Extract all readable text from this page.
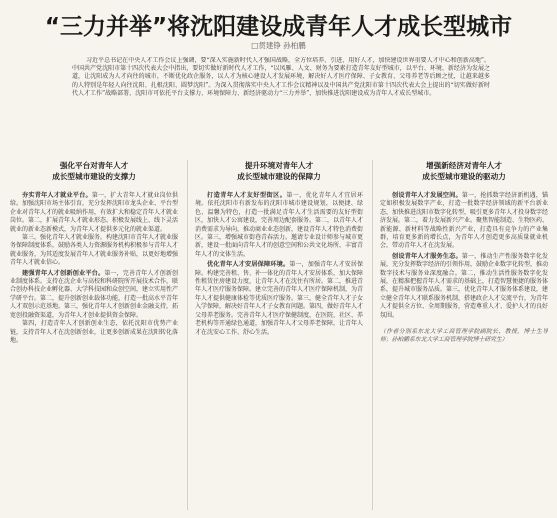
“三力并举”将沈阳建设成青年人才成长型城市
□贯建铮 孙柏鹏
习近平总书记在中央人才工作会议上强调，要“深入实施新时代人才强国战略，全方位培养、引进、用好人才，加快建设世界重要人才中心和创新高地”。中国共产党沈阳市第十四次代表大会中指出，要切实做好新时代人才工作，“以凤雁、人文、财务为要素打造青年友好型城市，以平台、环境、新经济为发展之道，让沈阳成为人才向往的城市，不断优化政企服务，以人才为核心建设人才发展环境，解决好人才医疗保障、子女教育、父母养老等后顾之忧，让越来越多的人特别是年轻人向往沈阳、扎根沈阳、圆梦沈阳”。为深入贯彻落实中央人才工作会议精神以及中国共产党沈阳市第十四次代表大会上提出的“切实做好新时代人才工作”战略部署，沈阳市可依托平台支撑力、环境保障力、新经济驱动力“三力并举”，加快推进沈阳建设成为青年人才成长型城市。
强化平台对青年人才
成长型城市建设的支撑力

夯实青年人才就业平台。第一，扩大青年人才就业岗位供给。加强沈阳市场主体引育，充分发挥沈阳市龙头企业、平台型企业对青年人才的就业吸纳作用，有效扩大和稳定青年人才就业岗位。第二，扩展青年人才就业形态。积极发展线上、线下灵活就业的新业态新模式，为青年人才提供多元化的就业渠道。

第三，强化青年人才就业服务。构建沈阳市青年人才就业服务保障制度体系，鼓励各类人力资源服务机构积极参与青年人才就业服务，为其适度发展青年人才就业服务补贴，以更好地增强青年人才就业信心。

建强青年人才创新创业平台。第一，完善青年人才创新创业制度体系。支持在沈企业与高校和科研院所开展技术合作，联合创办科技企业孵化器、大学科技园和众创空间，建立实用性产学研平台。第二，提升创新创业载体功能，打造一批高水平青年人才双创示范基地。第三，强化青年人才创新创业金融支持，拓宽创投融资渠道，为青年人才创业提供资金保障。

第四，打造青年人才创新创业生态，依托沈阳市优势产业链，支持青年人才在沈创新创业，让更多创新成果在沈阳转化落地。

提升环境对青年人才
成长型城市建设的保障力

打造青年人才友好型街区。第一，优化青年人才宜居环境。依托沈阳市有新发布的沈阳市城市建设规划，以便捷、绿色、温馨为特色，打造一批满足青年人才生活需要的友好型街区，加快人才公寓建设，完善周边配套服务。第二，以青年人才消费需求为导向，推动商业业态创新，建设青年人才特色消费街区。第三，增强城市街巷青春活力。邀请专业设计师参与城市更新，建设一批面向青年人才的创意空间和公共文化场所，丰富青年人才的文体生活。

优化青年人才安居保障环境。第一，加强青年人才安居保障。构建完善租、售、补一体化的青年人才安居体系，加大保障性租赁住房建设力度，让青年人才在沈住有所居。第二，推进青年人才医疗服务保障。建立完善的青年人才医疗保障机制，为青年人才提供健康体检等优质医疗服务。第三，健全青年人才子女入学保障，解决好青年人才子女教育问题。第四，做好青年人才父母养老服务。完善青年人才医疗保健制度，在医院、社区、养老机构等开通绿色通道，加强青年人才父母养老保障，让青年人才在沈安心工作、舒心生活。

增强新经济对青年人才
成长型城市建设的驱动力

创设青年人才发展空间。第一，抢抓数字经济新机遇，锚定如积极发展数字产业，打造一批数字经济领域的新平台新业态，加快推进沈阳市数字化转型，吸引更多青年人才投身数字经济发展。第二，着力发展新兴产业。聚焦智能制造、生物医药、新能源、新材料等战略性新兴产业，打造具有竞争力的产业集群，培育更多新的增长点，为青年人才创造更多高质量就业机会，带动青年人才在沈发展。

创设青年人才服务生态。第一，推动生产性服务数字化发展，充分发挥数字经济的引领作用，鼓励企业数字化转型，推动数字技术与服务业深度融合。第二，推动生活性服务数字化发展，在精准把握青年人才需求的基础上，打造智慧便捷的服务体系，提升城市服务品质。第三，优化青年人才服务体系建设，建立健全青年人才联系服务机制，搭建政企人才交流平台，为青年人才提供全方位、全周期服务，营造尊重人才、爱护人才的良好氛围。

（作者分别系东北大学工商管理学院副院长、教授，博士生导师；孙柏鹏系东北大学工商管理学院博士研究生）
